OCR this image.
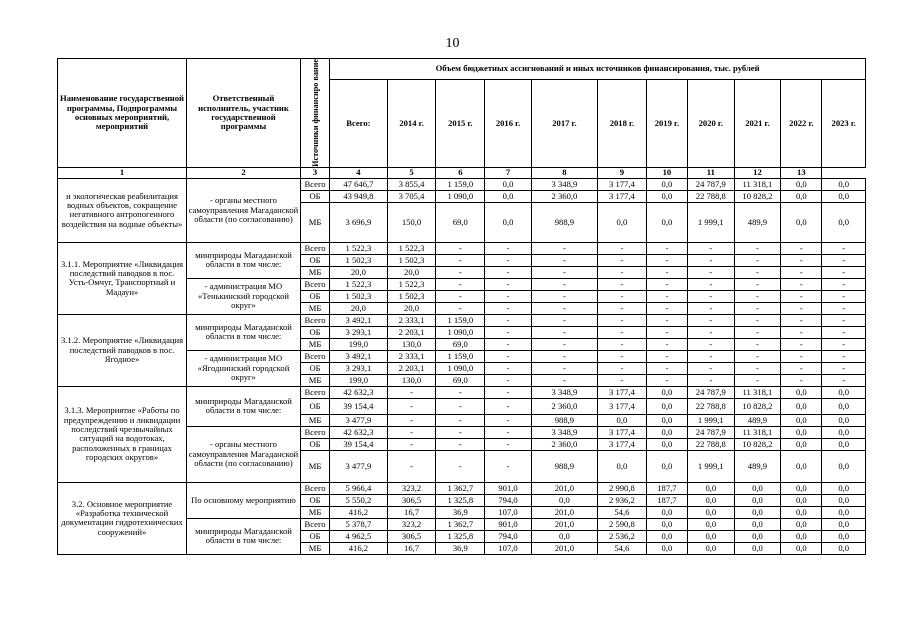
10
Наименование государственной программы, Подпрограммы основных мероприятий, мероприятий	Ответственный исполнитель, участник государственной программы	Источники финансиро вание	Объем бюджетных ассигнований и иных источников финансирования, тыс. рублей										
			Всего:	2014 г.	2015 г.	2016 г.	2017 г.	2018 г.	2019 г.	2020 г.	2021 г.	2022 г.	2023 г.
1	2	3	4	5	6	7	8	9	10	11	12	13	
и экологическая реабилитация водных объектов, сокращение негативного антропогенного воздействия на водные объекты»	- органы местного самоуправления Магаданской области (по согласованию)	Всего	47 646,7	3 855,4	1 159,0	0,0	3 348,9	3 177,4	0,0	24 787,9	11 318,1	0,0	0,0
		ОБ	43 949,8	3 705,4	1 090,0	0,0	2 360,0	3 177,4	0,0	22 788,8	10 828,2	0,0	0,0
		МБ	3 696,9	150,0	69,0	0,0	988,9	0,0	0,0	1 999,1	489,9	0,0	0,0
3.1.1. Мероприятие «Ликвидация последствий паводков в пос. Усть-Омчуг, Транспортный и Мадаун»	минприроды Магаданской области в том числе:	Всего	1 522,3	1 522,3	-	-	-	-	-	-	-	-	-
		ОБ	1 502,3	1 502,3	-	-	-	-	-	-	-	-	-
		МБ	20,0	20,0	-	-	-	-	-	-	-	-	-
	- администрация МО «Тенькинский городской округ»	Всего	1 522,3	1 522,3	-	-	-	-	-	-	-	-	-
		ОБ	1 502,3	1 502,3	-	-	-	-	-	-	-	-	-
		МБ	20,0	20,0	-	-	-	-	-	-	-	-	-
3.1.2. Мероприятие «Ликвидация последствий паводков в пос. Ягодное»	минприроды Магаданской области в том числе:	Всего	3 492,1	2 333,1	1 159,0	-	-	-	-	-	-	-	-
		ОБ	3 293,1	2 203,1	1 090,0	-	-	-	-	-	-	-	-
		МБ	199,0	130,0	69,0	-	-	-	-	-	-	-	-
	- администрация МО «Ягоднинский городской округ»	Всего	3 492,1	2 333,1	1 159,0	-	-	-	-	-	-	-	-
		ОБ	3 293,1	2 203,1	1 090,0	-	-	-	-	-	-	-	-
		МБ	199,0	130,0	69,0	-	-	-	-	-	-	-	-
3.1.3. Мероприятие «Работы по предупреждению и ликвидации последствий чрезвычайных ситуаций на водотоках, расположенных в границах городских округов»	минприроды Магаданской области в том числе:	Всего	42 632,3	-	-	-	3 348,9	3 177,4	0,0	24 787,9	11 318,1	0,0	0,0
		ОБ	39 154,4	-	-	-	2 360,0	3 177,4	0,0	22 788,8	10 828,2	0,0	0,0
		МБ	3 477,9	-	-	-	988,9	0,0	0,0	1 999,1	489,9	0,0	0,0
	- органы местного самоуправления Магаданской области (по согласованию)	Всего	42 632,3	-	-	-	3 348,9	3 177,4	0,0	24 787,9	11 318,1	0,0	0,0
		ОБ	39 154,4	-	-	-	2 360,0	3 177,4	0,0	22 788,8	10 828,2	0,0	0,0
		МБ	3 477,9	-	-	-	988,9	0,0	0,0	1 999,1	489,9	0,0	0,0
3.2. Основное мероприятие «Разработка технической документации гидротехнических сооружений»	По основному мероприятию	Всего	5 966,4	323,2	1 362,7	901,0	201,0	2 990,8	187,7	0,0	0,0	0,0	0,0
		ОБ	5 550,2	306,5	1 325,8	794,0	0,0	2 936,2	187,7	0,0	0,0	0,0	0,0
		МБ	416,2	16,7	36,9	107,0	201,0	54,6	0,0	0,0	0,0	0,0	0,0
	минприроды Магаданской области в том числе:	Всего	5 378,7	323,2	1 362,7	901,0	201,0	2 590,8	0,0	0,0	0,0	0,0	0,0
		ОБ	4 962,5	306,5	1 325,8	794,0	0,0	2 536,2	0,0	0,0	0,0	0,0	0,0
		МБ	416,2	16,7	36,9	107,0	201,0	54,6	0,0	0,0	0,0	0,0	0,0
